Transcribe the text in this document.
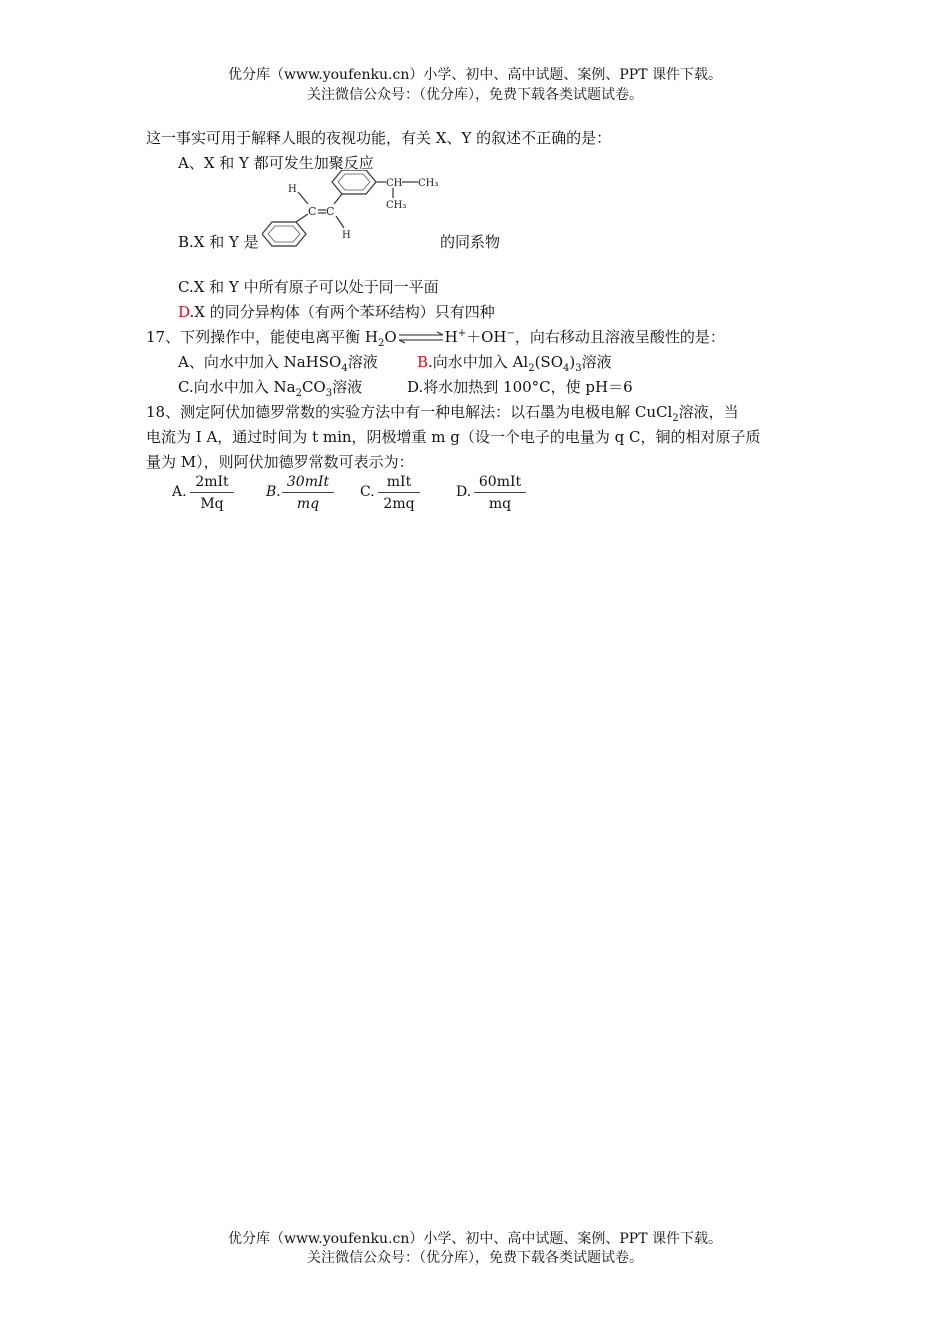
优分库（www.youfenku.cn）小学、初中、高中试题、案例、PPT 课件下载。
关注微信公众号：（优分库），免费下载各类试题试卷。
这一事实可用于解释人眼的夜视功能，有关 X、Y 的叙述不正确的是：
A、X 和 Y 都可发生加聚反应
H
C C
H
CH CH₃
CH₃
B.X 和 Y 是	的同系物
C.X 和 Y 中所有原子可以处于同一平面
D.X 的同分异构体（有两个苯环结构）只有四种
17、下列操作中，能使电离平衡 $H_2O\rightleftharpoons H^++OH^-$，向右移动且溶液呈酸性的是：
A、向水中加入 NaHSO$_4$溶液	B.向水中加入 $Al_2(SO_4)_3$溶液
C.向水中加入 $Na_2CO_3$溶液	D.将水加热到 100°C，使 pH＝6
18、测定阿伏加德罗常数的实验方法中有一种电解法：以石墨为电极电解 CuCl$_2$溶液，当
电流为 I A，通过时间为 t min，阴极增重 m g（设一个电子的电量为 q C，铜的相对原子质
量为 M），则阿伏加德罗常数可表示为：
A.
2mIt
Mq
B.
30mIt
mq
C.
mIt
2mq
D.
60mIt
mq
优分库（www.youfenku.cn）小学、初中、高中试题、案例、PPT 课件下载。
关注微信公众号：（优分库），免费下载各类试题试卷。
